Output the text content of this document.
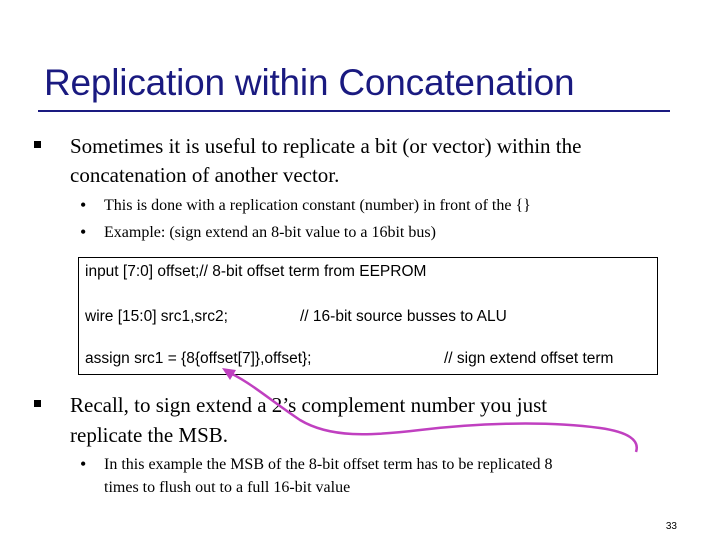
Replication within Concatenation
Sometimes it is useful to replicate a bit (or vector) within the
concatenation of another vector.
• This is done with a replication constant (number) in front of the {}
• Example: (sign extend an 8-bit value to a 16bit bus)
input [7:0] offset;// 8-bit offset term from EEPROM
wire [15:0] src1,src2;	// 16-bit source busses to ALU
assign src1 = {8{offset[7]},offset};	// sign extend offset term
Recall, to sign extend a 2’s complement number you just
replicate the MSB.
• In this example the MSB of the 8-bit offset term has to be replicated 8
times to flush out to a full 16-bit value
33
